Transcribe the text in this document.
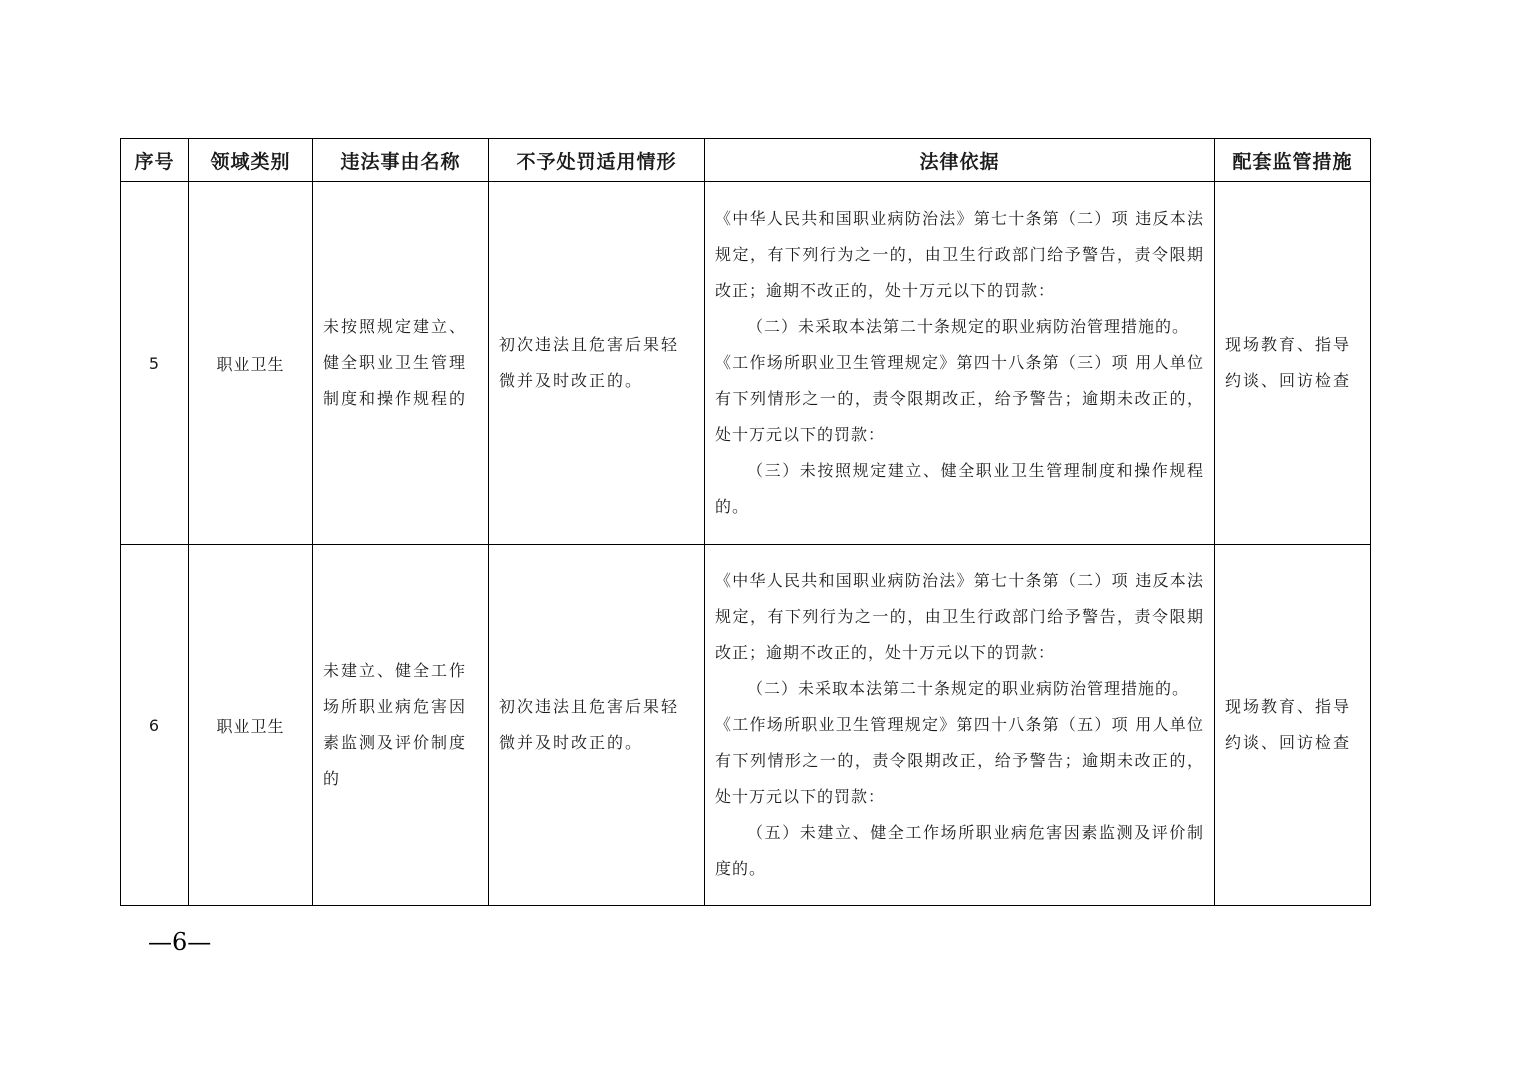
序号	领域类别	违法事由名称	不予处罚适用情形	法律依据	配套监管措施
5	职业卫生	未按照规定建立、健全职业卫生管理制度和操作规程的	初次违法且危害后果轻微并及时改正的。	《中华人民共和国职业病防治法》第七十条第（二）项 违反本法规定，有下列行为之一的，由卫生行政部门给予警告，责令限期改正；逾期不改正的，处十万元以下的罚款：

（二）未采取本法第二十条规定的职业病防治管理措施的。

《工作场所职业卫生管理规定》第四十八条第（三）项 用人单位有下列情形之一的，责令限期改正，给予警告；逾期未改正的，处十万元以下的罚款：

（三）未按照规定建立、健全职业卫生管理制度和操作规程的。	现场教育、指导约谈、回访检查
6	职业卫生	未建立、健全工作场所职业病危害因素监测及评价制度的	初次违法且危害后果轻微并及时改正的。	《中华人民共和国职业病防治法》第七十条第（二）项 违反本法规定，有下列行为之一的，由卫生行政部门给予警告，责令限期改正；逾期不改正的，处十万元以下的罚款：

（二）未采取本法第二十条规定的职业病防治管理措施的。

《工作场所职业卫生管理规定》第四十八条第（五）项 用人单位有下列情形之一的，责令限期改正，给予警告；逾期未改正的，处十万元以下的罚款：

（五）未建立、健全工作场所职业病危害因素监测及评价制度的。	现场教育、指导约谈、回访检查
—6—
